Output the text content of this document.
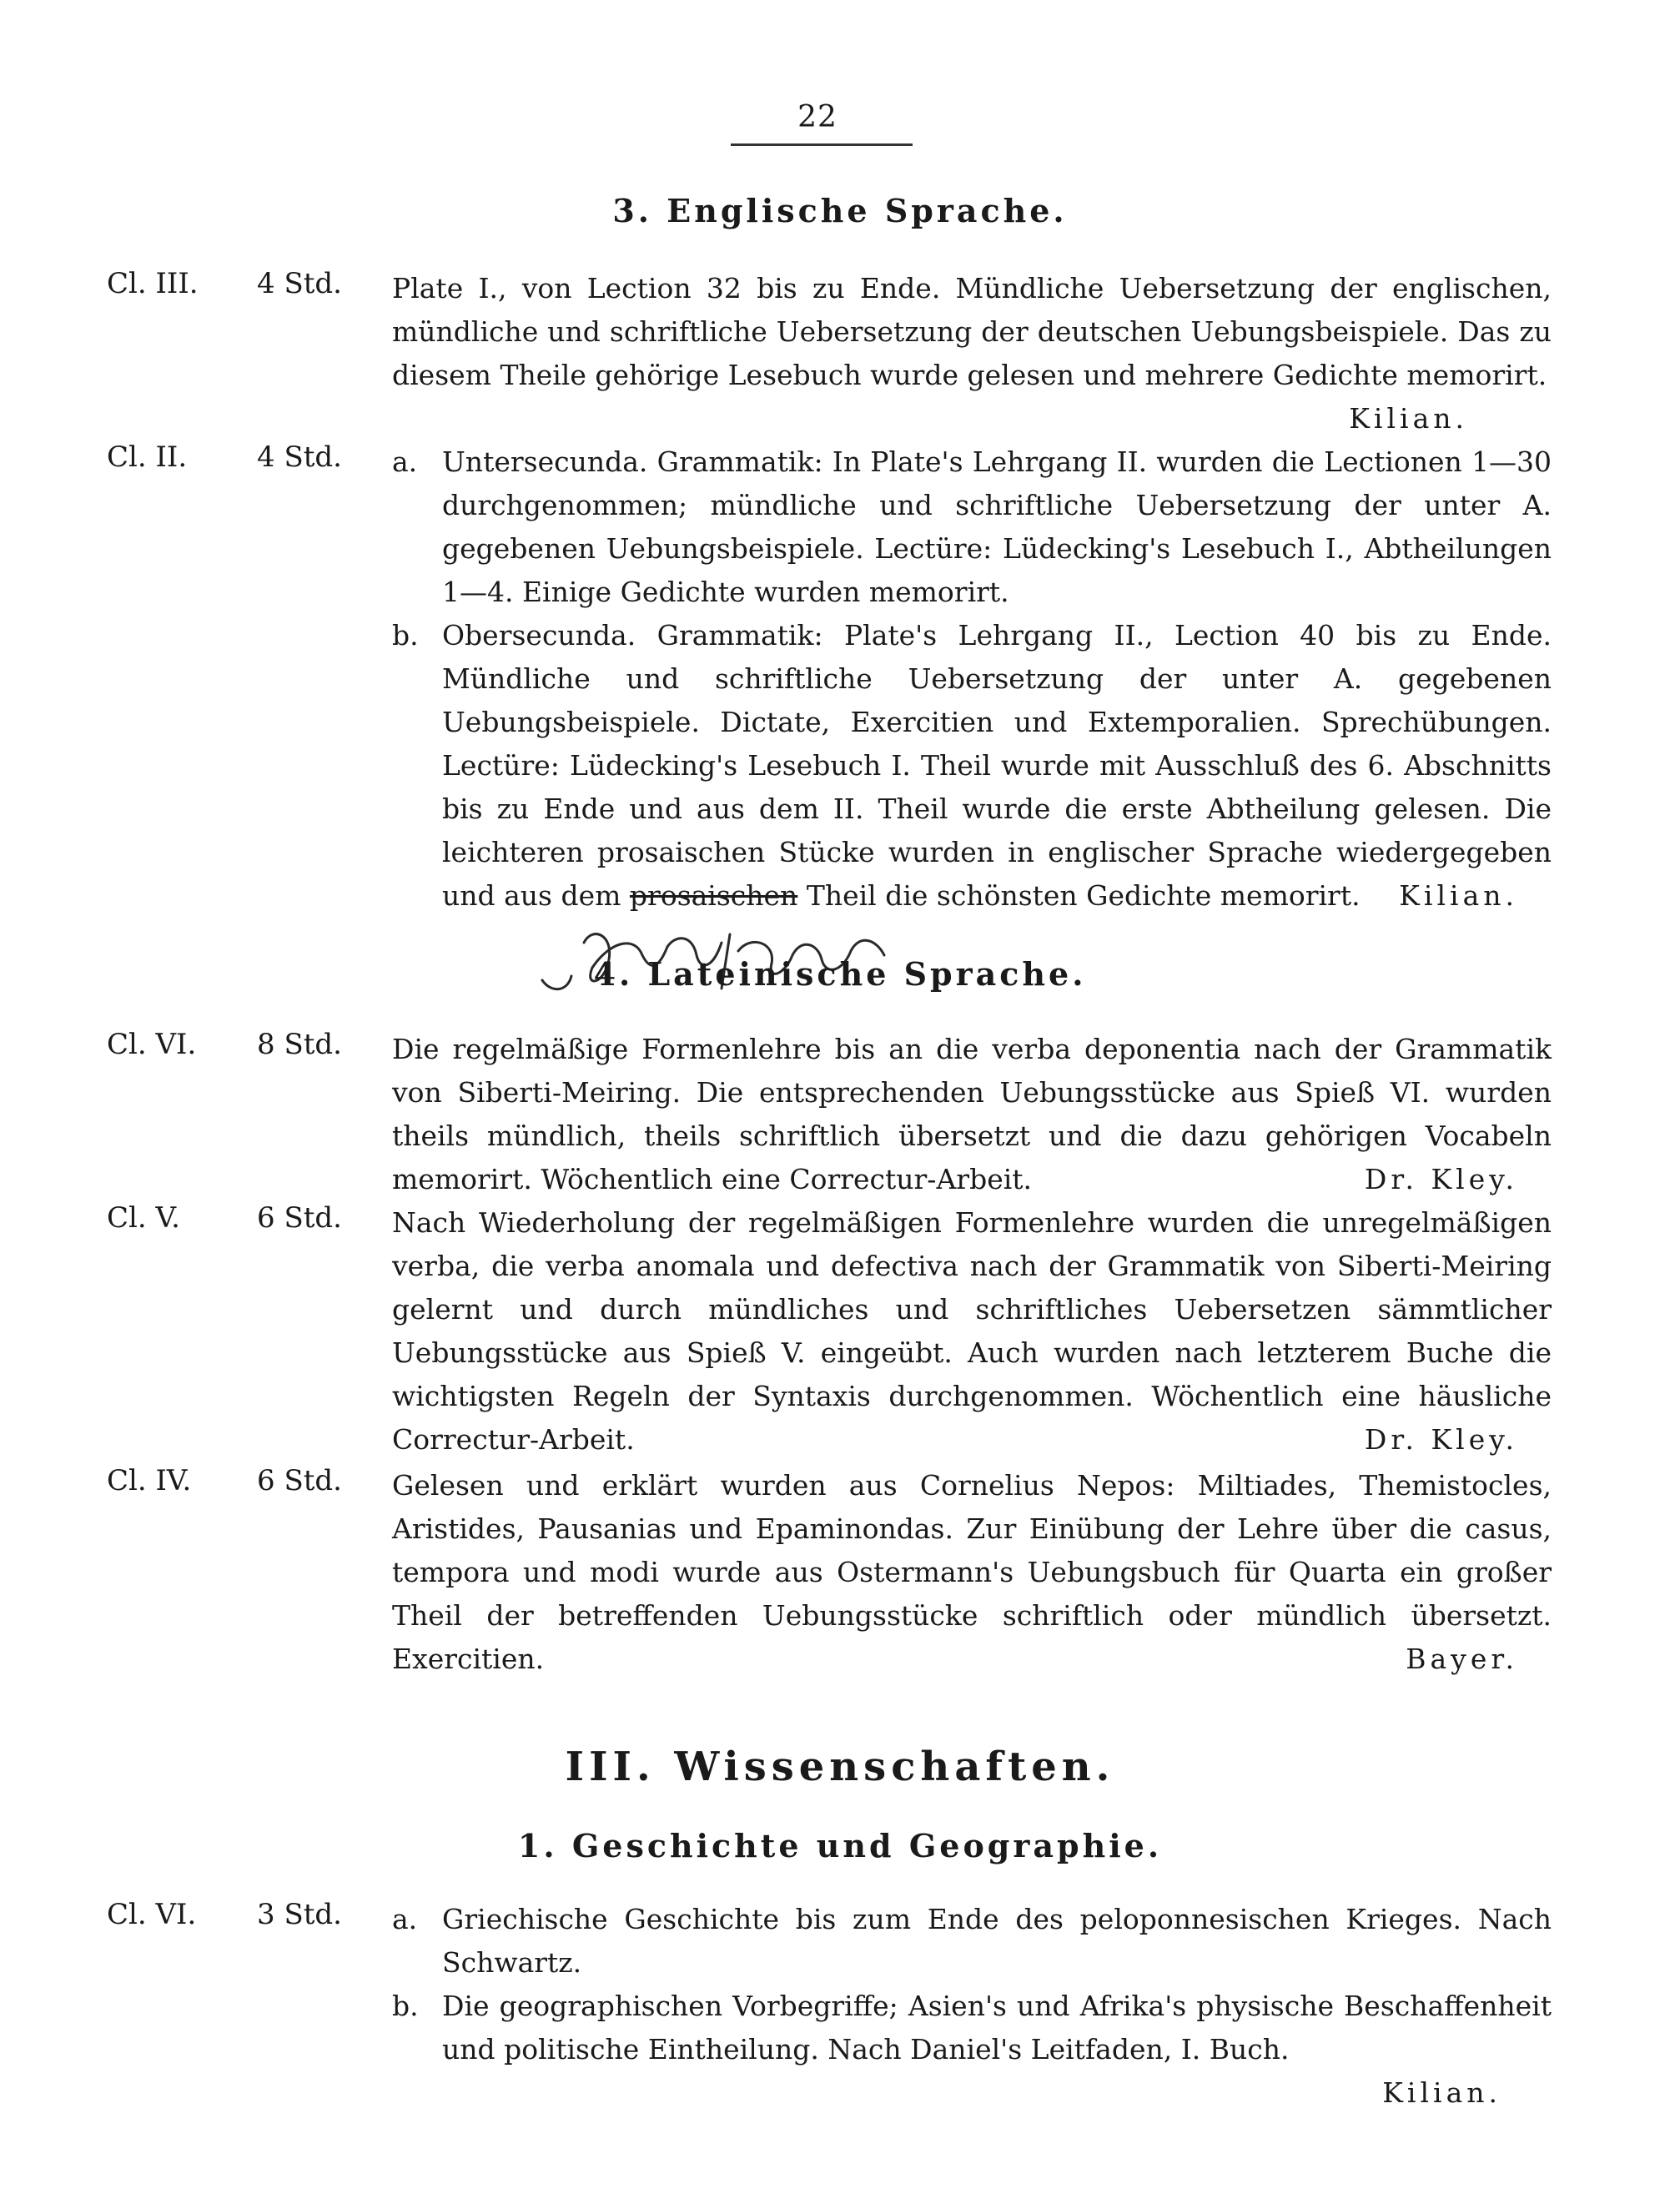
22
3. Englische Sprache.
Cl. III. 4 Std. Plate I., von Lection 32 bis zu Ende. Mündliche Uebersetzung der englischen, mündliche und schriftliche Uebersetzung der deutschen Uebungsbeispiele. Das zu diesem Theile gehörige Lesebuch wurde gelesen und mehrere Gedichte memorirt.
Kilian.
Cl. II. 4 Std. a. Untersecunda. Grammatik: In Plate's Lehrgang II. wurden die Lectionen 1—30 durchgenommen; mündliche und schriftliche Uebersetzung der unter A. gegebenen Uebungsbeispiele. Lectüre: Lüdecking's Lesebuch I., Abtheilungen 1—4. Einige Gedichte wurden memorirt.
b. Obersecunda. Grammatik: Plate's Lehrgang II., Lection 40 bis zu Ende. Mündliche und schriftliche Uebersetzung der unter A. gegebenen Uebungsbeispiele. Dictate, Exercitien und Extemporalien. Sprechübungen. Lectüre: Lüdecking's Lesebuch I. Theil wurde mit Ausschluß des 6. Abschnitts bis zu Ende und aus dem II. Theil wurde die erste Abtheilung gelesen. Die leichteren prosaischen Stücke wurden in englischer Sprache wiedergegeben und aus dem prosaischen Theil die schönsten Gedichte memorirt. Kilian.
4. Lateinische Sprache.
Cl. VI. 8 Std. Die regelmäßige Formenlehre bis an die verba deponentia nach der Grammatik von Siberti-Meiring. Die entsprechenden Uebungsstücke aus Spieß VI. wurden theils mündlich, theils schriftlich übersetzt und die dazu gehörigen Vocabeln memorirt. Wöchentlich eine Correctur-Arbeit.	Dr. Kley.
Cl. V.	6 Std. Nach Wiederholung der regelmäßigen Formenlehre wurden die unregelmäßigen verba, die verba anomala und defectiva nach der Grammatik von Siberti-Meiring gelernt und durch mündliches und schriftliches Uebersetzen sämmtlicher Uebungsstücke aus Spieß V. eingeübt. Auch wurden nach letzterem Buche die wichtigsten Regeln der Syntaxis durchgenommen. Wöchentlich eine häusliche Correctur-Arbeit.	Dr. Kley.
Cl. IV. 6 Std. Gelesen und erklärt wurden aus Cornelius Nepos: Miltiades, Themistocles, Aristides, Pausanias und Epaminondas. Zur Einübung der Lehre über die casus, tempora und modi wurde aus Ostermann's Uebungsbuch für Quarta ein großer Theil der betreffenden Uebungsstücke schriftlich oder mündlich übersetzt. Exercitien.	Bayer.
III. Wissenschaften.
1. Geschichte und Geographie.
Cl. VI. 3 Std. a. Griechische Geschichte bis zum Ende des peloponnesischen Krieges. Nach Schwartz.
b. Die geographischen Vorbegriffe; Asien's und Afrika's physische Beschaffenheit und politische Eintheilung. Nach Daniel's Leitfaden, I. Buch.
Kilian.
